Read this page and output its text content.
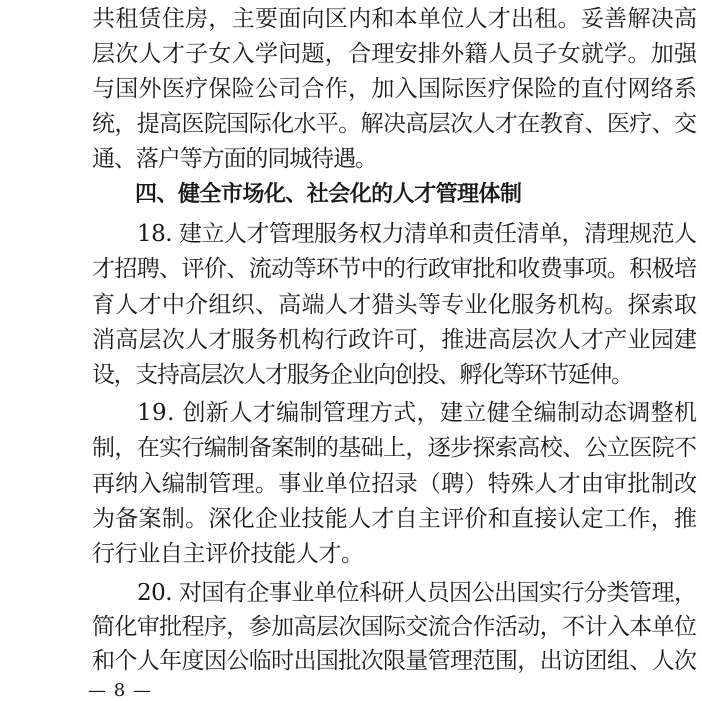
共租赁住房，主要面向区内和本单位人才出租。妥善解决高
层次人才子女入学问题，合理安排外籍人员子女就学。加强
与国外医疗保险公司合作，加入国际医疗保险的直付网络系
统，提高医院国际化水平。解决高层次人才在教育、医疗、交
通、落户等方面的同城待遇。
四、健全市场化、社会化的人才管理体制
18. 建立人才管理服务权力清单和责任清单，清理规范人
才招聘、评价、流动等环节中的行政审批和收费事项。积极培
育人才中介组织、高端人才猎头等专业化服务机构。探索取
消高层次人才服务机构行政许可，推进高层次人才产业园建
设，支持高层次人才服务企业向创投、孵化等环节延伸。
19. 创新人才编制管理方式，建立健全编制动态调整机
制，在实行编制备案制的基础上，逐步探索高校、公立医院不
再纳入编制管理。事业单位招录（聘）特殊人才由审批制改
为备案制。深化企业技能人才自主评价和直接认定工作，推
行行业自主评价技能人才。
20. 对国有企事业单位科研人员因公出国实行分类管理，
简化审批程序，参加高层次国际交流合作活动，不计入本单位
和个人年度因公临时出国批次限量管理范围，出访团组、人次
— 8 —
